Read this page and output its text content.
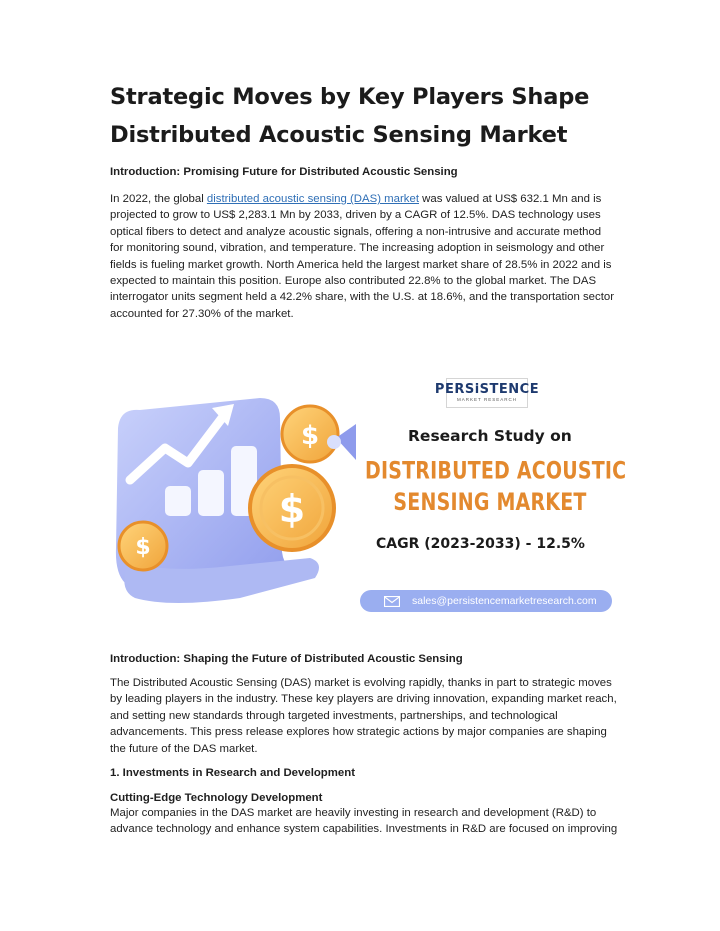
Strategic Moves by Key Players Shape
Distributed Acoustic Sensing Market

Introduction: Promising Future for Distributed Acoustic Sensing

In 2022, the global distributed acoustic sensing (DAS) market was valued at US$ 632.1 Mn and is
projected to grow to US$ 2,283.1 Mn by 2033, driven by a CAGR of 12.5%. DAS technology uses
optical fibers to detect and analyze acoustic signals, offering a non-intrusive and accurate method
for monitoring sound, vibration, and temperature. The increasing adoption in seismology and other
fields is fueling market growth. North America held the largest market share of 28.5% in 2022 and is
expected to maintain this position. Europe also contributed 22.8% to the global market. The DAS
interrogator units segment held a 42.2% share, with the U.S. at 18.6%, and the transportation sector
accounted for 27.30% of the market.

Introduction: Shaping the Future of Distributed Acoustic Sensing

The Distributed Acoustic Sensing (DAS) market is evolving rapidly, thanks in part to strategic moves
by leading players in the industry. These key players are driving innovation, expanding market reach,
and setting new standards through targeted investments, partnerships, and technological
advancements. This press release explores how strategic actions by major companies are shaping
the future of the DAS market.

1. Investments in Research and Development

Cutting-Edge Technology Development

Major companies in the DAS market are heavily investing in research and development (R&D) to
advance technology and enhance system capabilities. Investments in R&D are focused on improving
$
$
$
PERSiSTENCE
MARKET RESEARCH
Research Study on
DISTRIBUTED ACOUSTIC
SENSING MARKET
CAGR (2023-2033) - 12.5%
sales@persistencemarketresearch.com
